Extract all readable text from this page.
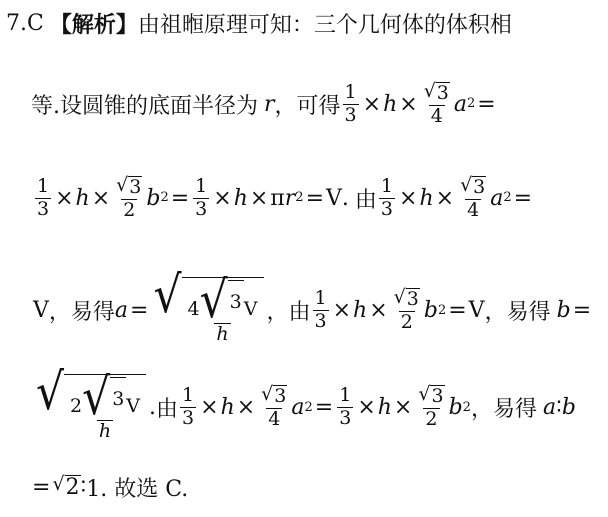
7. C 【解析】 由祖暅原理可知：三个几何体的体积相
等.设圆锥的底面半径为 r ，可得 $\frac{1}{3} \times h \times \frac{√ 3}{4}$ a 2 =
$\frac{1}{3} \times h \times \frac{√ 3}{2}$ b $2 = \frac{1}{3} \times h \times \pi$ r 2 = V . 由 $\frac{1}{3} \times h \times \frac{√ 3}{4}$ a 2 =
V ， 易得 a = √ $\frac{4 √ 3 V}{h}$ ，由 $\frac{1}{3} \times h \times \frac{√ 3}{2}$ b 2 = V ， 易得 b =
√ $\frac{2 √ 3 V}{h}$ . 由 $\frac{1}{3} \times h \times \frac{√ 3}{4}$ a $2 = \frac{1}{3} \times h \times \frac{√ 3}{2}$ b 2 ， 易得 a ∶ b
= √ 2 ∶ 1. 故选 C.
